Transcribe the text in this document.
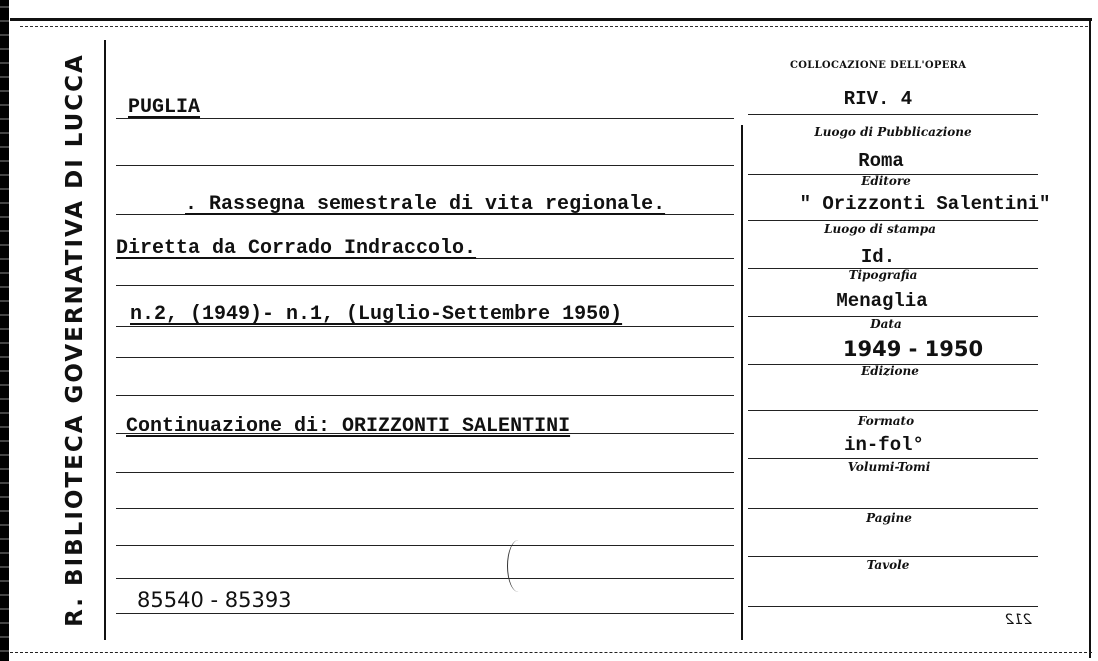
R. BIBLIOTECA GOVERNATIVA DI LUCCA	COLLOCAZIONE DELL'OPERA
RIV. 4
PUGLIA
. Rassegna semestrale di vita regionale.
Diretta da Corrado Indraccolo.
n.2, (1949)- n.1, (Luglio-Settembre 1950)
Continuazione di: ORIZZONTI SALENTINI
85540 - 85393
Luogo di Pubblicazione
Roma
Editore
" Orizzonti Salentini"
Luogo di stampa
Id.
Tipografia
Menaglia
Data
1949 - 1950
Edizione
Formato
in-fol°
Volumi-Tomi
Pagine
Tavole
212
